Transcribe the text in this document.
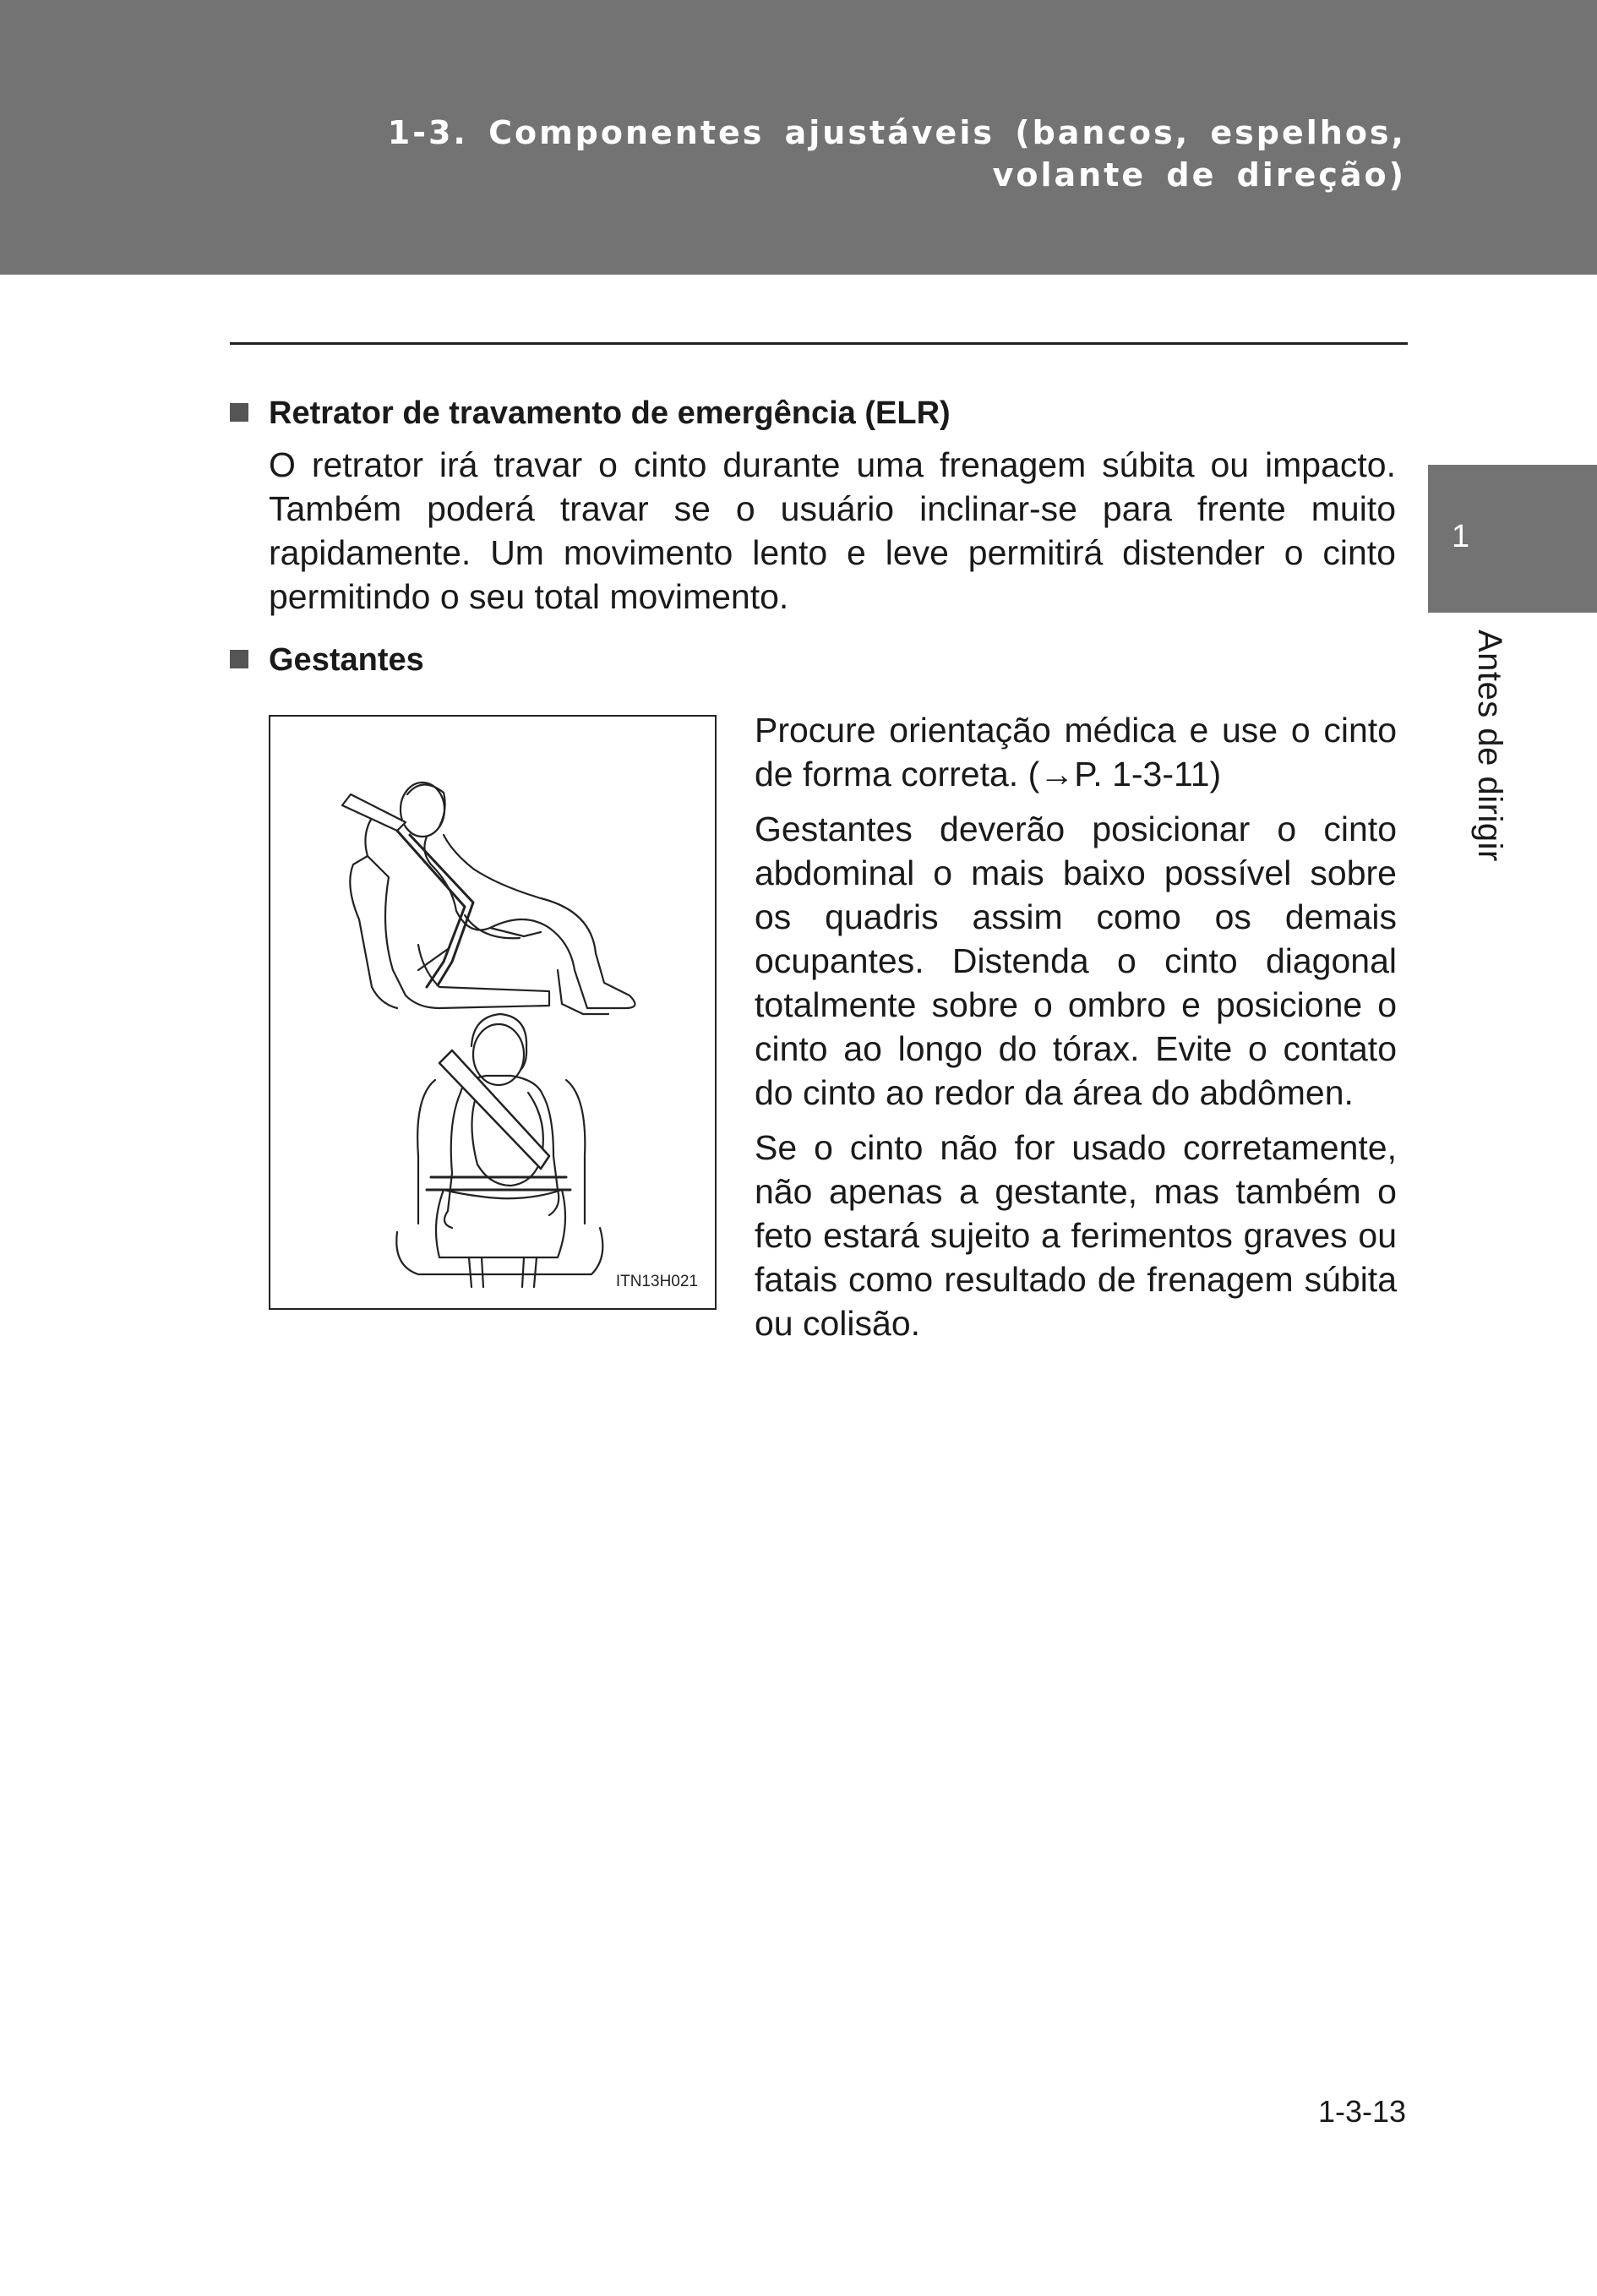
1-3. Componentes ajustáveis (bancos, espelhos,
volante de direção)
1
Antes de dirigir
Retrator de travamento de emergência (ELR)

O retrator irá travar o cinto durante uma frenagem súbita ou impacto. Também poderá travar se o usuário inclinar-se para frente muito rapidamente. Um movimento lento e leve permitirá distender o cinto permitindo o seu total movimento.

Gestantes
ITN13H021

Procure orientação médica e use o cinto de forma correta. (→P. 1-3-11)

Gestantes deverão posicionar o cinto abdominal o mais baixo possível sobre os quadris assim como os demais ocupantes. Distenda o cinto diagonal totalmente sobre o ombro e posicione o cinto ao longo do tórax. Evite o contato do cinto ao redor da área do abdômen.

Se o cinto não for usado corretamente, não apenas a gestante, mas também o feto estará sujeito a ferimentos graves ou fatais como resultado de frenagem súbita ou colisão.

1-3-13
